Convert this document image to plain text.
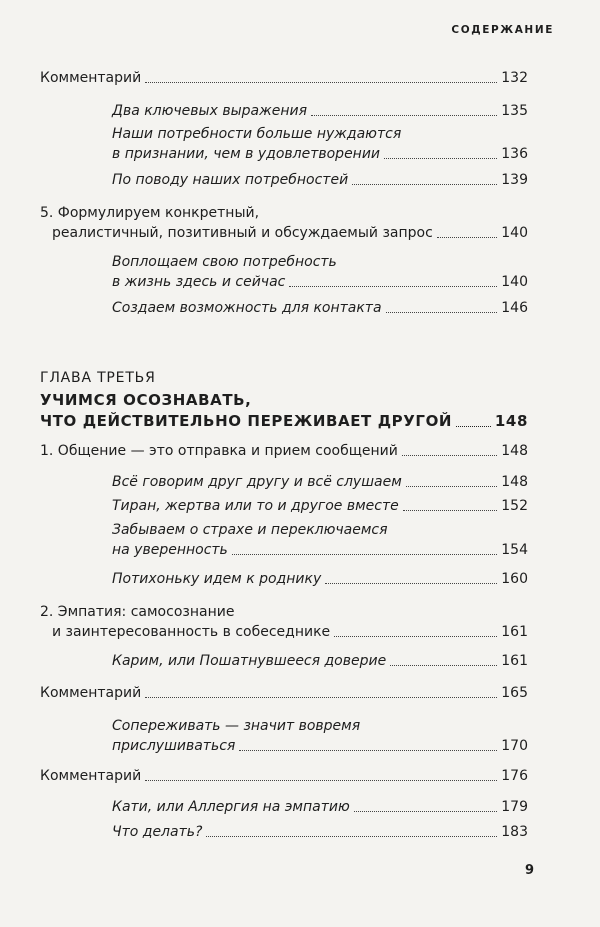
СОДЕРЖАНИЕ
Комментарий	132
Два ключевых выражения	135
Наши потребности больше нуждаются
в признании, чем в удовлетворении	136
По поводу наших потребностей	139
5. Формулируем конкретный,
реалистичный, позитивный и обсуждаемый запрос	140
Воплощаем свою потребность
в жизнь здесь и сейчас	140
Создаем возможность для контакта	146
ГЛАВА ТРЕТЬЯ
УЧИМСЯ ОСОЗНАВАТЬ,
ЧТО ДЕЙСТВИТЕЛЬНО ПЕРЕЖИВАЕТ ДРУГОЙ	148
1. Общение — это отправка и прием сообщений	148
Всё говорим друг другу и всё слушаем	148
Тиран, жертва или то и другое вместе	152
Забываем о страхе и переключаемся
на уверенность	154
Потихоньку идем к роднику	160
2. Эмпатия: самосознание
и заинтересованность в собеседнике	161
Карим, или Пошатнувшееся доверие	161
Комментарий	165
Сопереживать — значит вовремя
прислушиваться	170
Комментарий	176
Кати, или Аллергия на эмпатию	179
Что делать?	183
9
